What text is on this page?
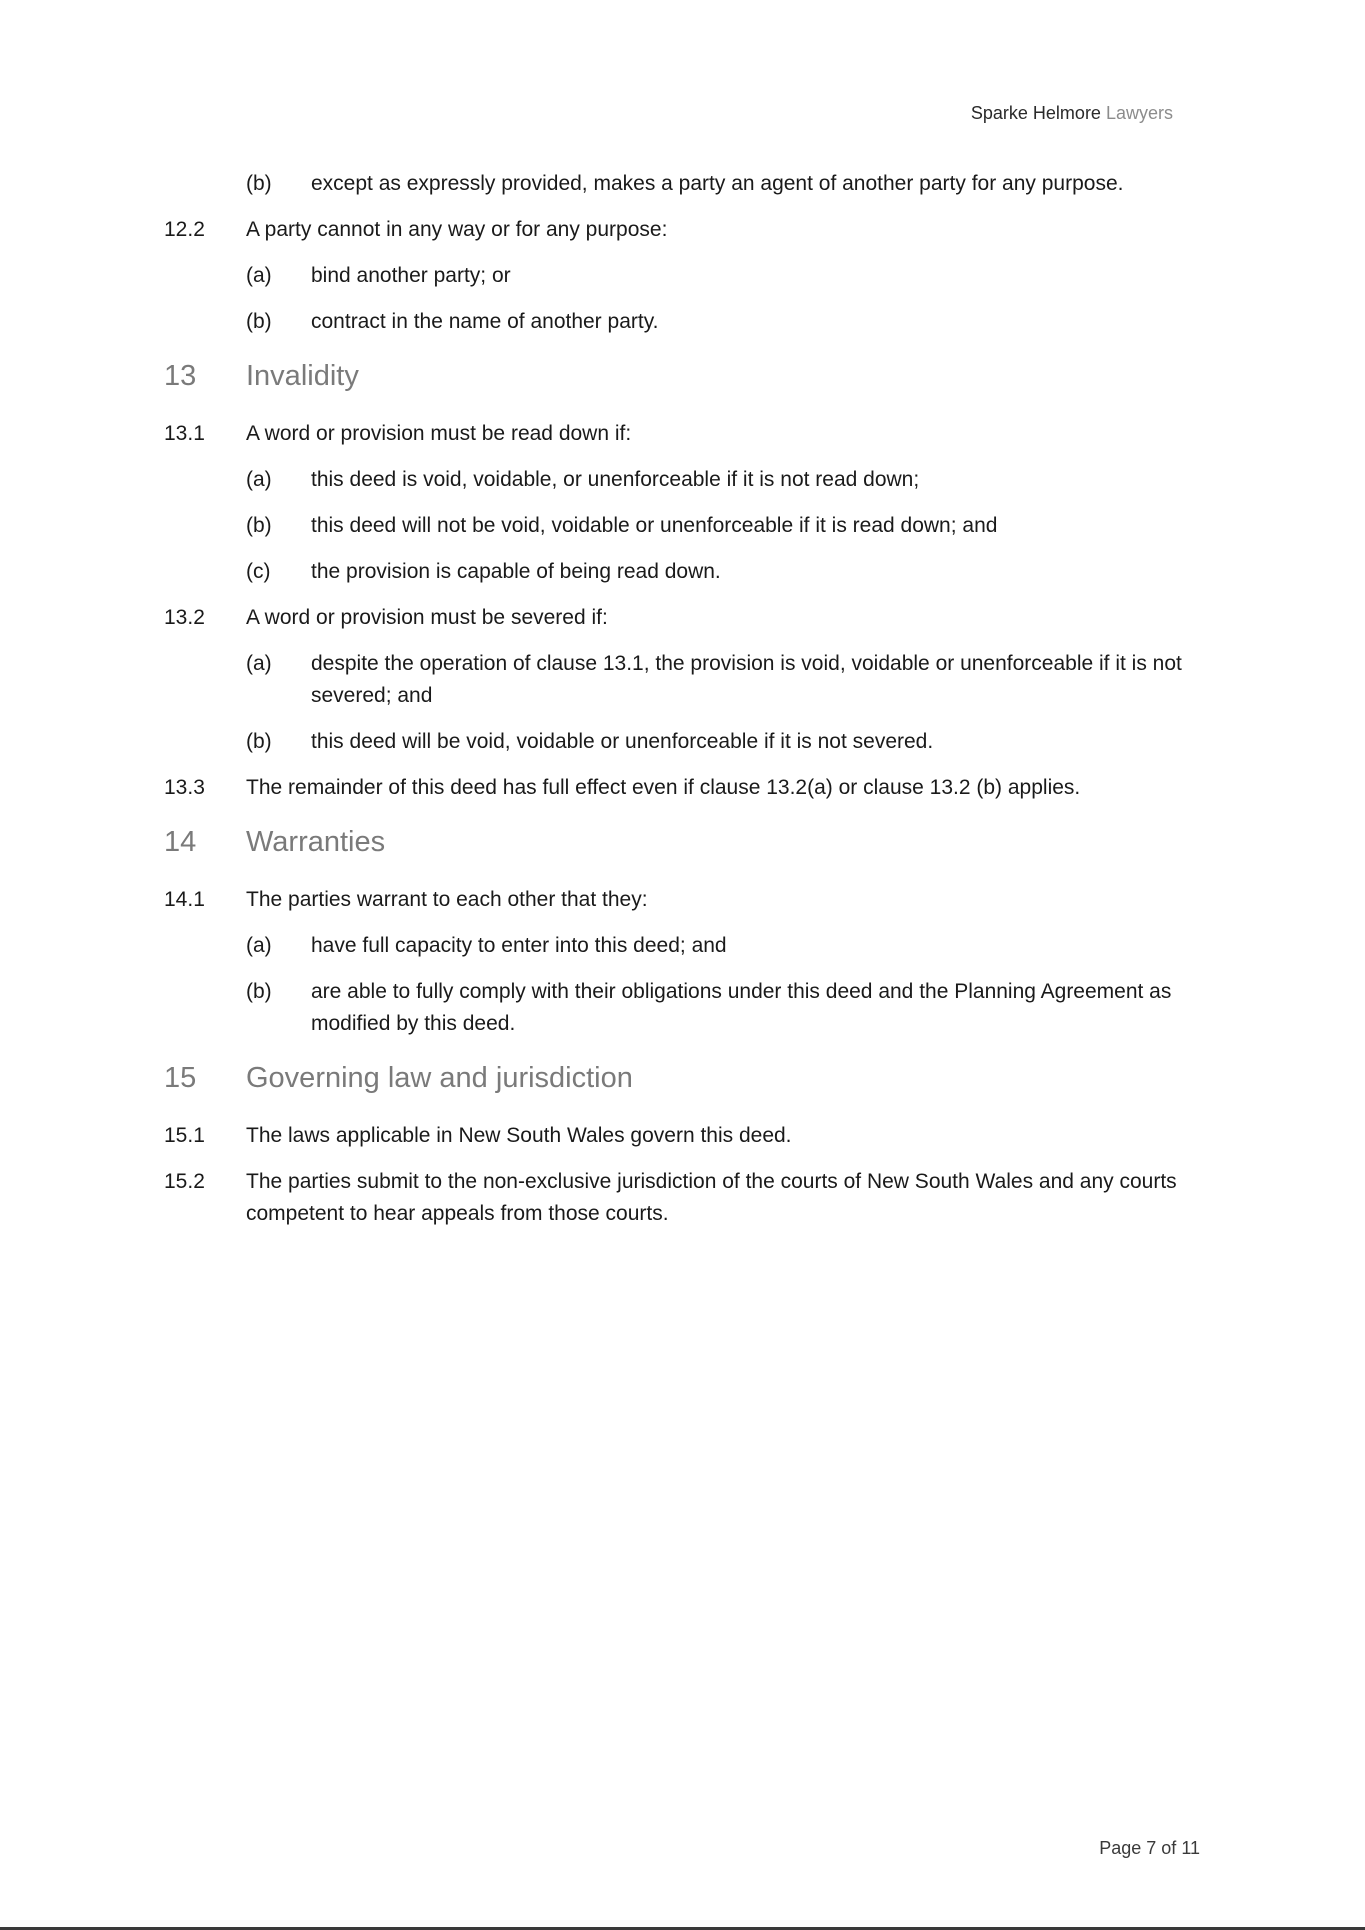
Sparke Helmore Lawyers
(b) except as expressly provided, makes a party an agent of another party for any purpose.
12.2 A party cannot in any way or for any purpose:
(a) bind another party; or
(b) contract in the name of another party.
13 Invalidity
13.1 A word or provision must be read down if:
(a) this deed is void, voidable, or unenforceable if it is not read down;
(b) this deed will not be void, voidable or unenforceable if it is read down; and
(c) the provision is capable of being read down.
13.2 A word or provision must be severed if:
(a) despite the operation of clause 13.1, the provision is void, voidable or unenforceable if it is not severed; and
(b) this deed will be void, voidable or unenforceable if it is not severed.
13.3 The remainder of this deed has full effect even if clause 13.2(a) or clause 13.2 (b) applies.
14 Warranties
14.1 The parties warrant to each other that they:
(a) have full capacity to enter into this deed; and
(b) are able to fully comply with their obligations under this deed and the Planning Agreement as modified by this deed.
15 Governing law and jurisdiction
15.1 The laws applicable in New South Wales govern this deed.
15.2 The parties submit to the non-exclusive jurisdiction of the courts of New South Wales and any courts competent to hear appeals from those courts.
Page 7 of 11
